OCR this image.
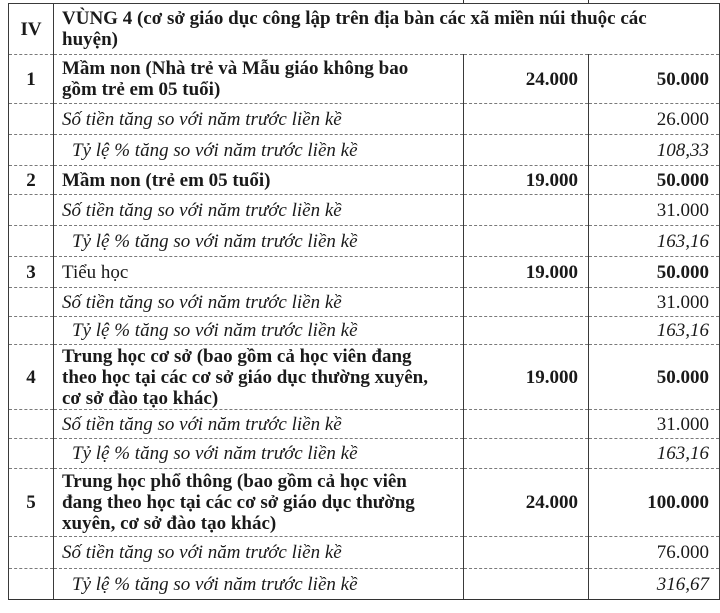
IV	VÙNG 4 (cơ sở giáo dục công lập trên địa bàn các xã miền núi thuộc các huyện)		
1	Mầm non (Nhà trẻ và Mẫu giáo không bao gồm trẻ em 05 tuổi)	24.000	50.000
	Số tiền tăng so với năm trước liền kề		26.000
	Tỷ lệ % tăng so với năm trước liền kề		108,33
2	Mầm non (trẻ em 05 tuổi)	19.000	50.000
	Số tiền tăng so với năm trước liền kề		31.000
	Tỷ lệ % tăng so với năm trước liền kề		163,16
3	Tiểu học	19.000	50.000
	Số tiền tăng so với năm trước liền kề		31.000
	Tỷ lệ % tăng so với năm trước liền kề		163,16
4	Trung học cơ sở (bao gồm cả học viên đang theo học tại các cơ sở giáo dục thường xuyên, cơ sở đào tạo khác)	19.000	50.000
	Số tiền tăng so với năm trước liền kề		31.000
	Tỷ lệ % tăng so với năm trước liền kề		163,16
5	Trung học phổ thông (bao gồm cả học viên đang theo học tại các cơ sở giáo dục thường xuyên, cơ sở đào tạo khác)	24.000	100.000
	Số tiền tăng so với năm trước liền kề		76.000
	Tỷ lệ % tăng so với năm trước liền kề		316,67
